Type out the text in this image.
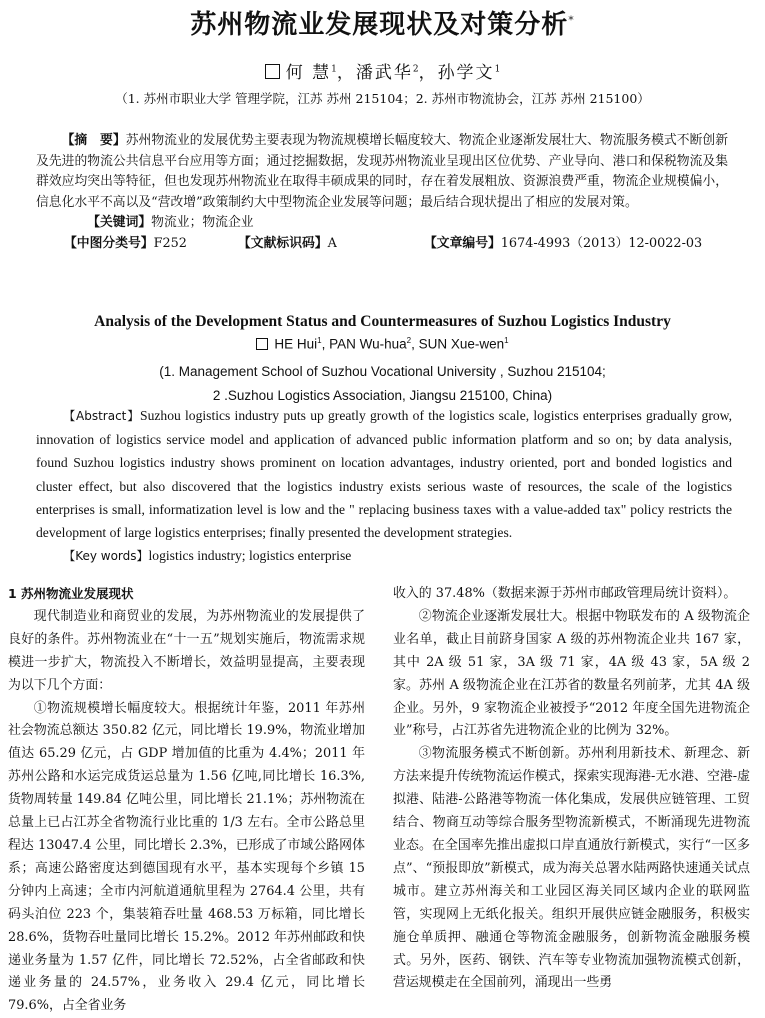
苏州物流业发展现状及对策分析*
何 慧$^1$，潘武华$^2$，孙学文$^1$
（1. 苏州市职业大学 管理学院，江苏 苏州 215104；2. 苏州市物流协会，江苏 苏州 215100）

【摘　要】苏州物流业的发展优势主要表现为物流规模增长幅度较大、物流企业逐渐发展壮大、物流服务模式不断创新及先进的物流公共信息平台应用等方面；通过挖掘数据，发现苏州物流业呈现出区位优势、产业导向、港口和保税物流及集群效应均突出等特征，但也发现苏州物流业在取得丰硕成果的同时，存在着发展粗放、资源浪费严重，物流企业规模偏小，信息化水平不高以及“营改增”政策制约大中型物流企业发展等问题；最后结合现状提出了相应的发展对策。

【关键词】物流业；物流企业

【中图分类号】F252	【文献标识码】A	【文章编号】1674-4993（2013）12-0022-03
Analysis of the Development Status and Countermeasures of Suzhou Logistics Industry
HE Hui$^1$, PAN Wu-hua$^2$, SUN Xue-wen$^1$
(1. Management School of Suzhou Vocational University , Suzhou 215104;
2 .Suzhou Logistics Association, Jiangsu 215100, China)

【Abstract】Suzhou logistics industry puts up greatly growth of the logistics scale, logistics enterprises gradually grow, innovation of logistics service model and application of advanced public information platform and so on; by data analysis, found Suzhou logistics industry shows prominent on location advantages, industry oriented, port and bonded logistics and cluster effect, but also discovered that the logistics industry exists serious waste of resources, the scale of the logistics enterprises is small, informatization level is low and the " replacing business taxes with a value-added tax" policy restricts the development of large logistics enterprises; finally presented the development strategies.

【Key words】logistics industry; logistics enterprise

1 苏州物流业发展现状

现代制造业和商贸业的发展，为苏州物流业的发展提供了良好的条件。苏州物流业在“十一五”规划实施后，物流需求规模进一步扩大，物流投入不断增长，效益明显提高，主要表现为以下几个方面：

①物流规模增长幅度较大。根据统计年鉴，2011 年苏州社会物流总额达 350.82 亿元，同比增长 19.9%，物流业增加值达 65.29 亿元，占 GDP 增加值的比重为 4.4%；2011 年苏州公路和水运完成货运总量为 1.56 亿吨,同比增长 16.3%,货物周转量 149.84 亿吨公里，同比增长 21.1%；苏州物流在总量上已占江苏全省物流行业比重的 1/3 左右。全市公路总里程达 13047.4 公里，同比增长 2.3%，已形成了市域公路网体系；高速公路密度达到德国现有水平，基本实现每个乡镇 15 分钟内上高速；全市内河航道通航里程为 2764.4 公里，共有码头泊位 223 个，集装箱吞吐量 468.53 万标箱，同比增长 28.6%，货物吞吐量同比增长 15.2%。2012 年苏州邮政和快递业务量为 1.57 亿件，同比增长 72.52%，占全省邮政和快递业务量的 24.57%，业务收入 29.4 亿元，同比增长 79.6%，占全省业务

收入的 37.48%（数据来源于苏州市邮政管理局统计资料）。

②物流企业逐渐发展壮大。根据中物联发布的 A 级物流企业名单，截止目前跻身国家 A 级的苏州物流企业共 167 家，其中 2A 级 51 家，3A 级 71 家，4A 级 43 家，5A 级 2 家。苏州 A 级物流企业在江苏省的数量名列前茅，尤其 4A 级企业。另外，9 家物流企业被授予“2012 年度全国先进物流企业”称号，占江苏省先进物流企业的比例为 32%。

③物流服务模式不断创新。苏州利用新技术、新理念、新方法来提升传统物流运作模式，探索实现海港-无水港、空港-虚拟港、陆港-公路港等物流一体化集成，发展供应链管理、工贸结合、物商互动等综合服务型物流新模式，不断涌现先进物流业态。在全国率先推出虚拟口岸直通放行新模式，实行“一区多点”、“预报即放”新模式，成为海关总署水陆两路快速通关试点城市。建立苏州海关和工业园区海关同区域内企业的联网监管，实现网上无纸化报关。组织开展供应链金融服务，积极实施仓单质押、融通仓等物流金融服务，创新物流金融服务模式。另外，医药、钢铁、汽车等专业物流加强物流模式创新，营运规模走在全国前列，涌现出一些勇
